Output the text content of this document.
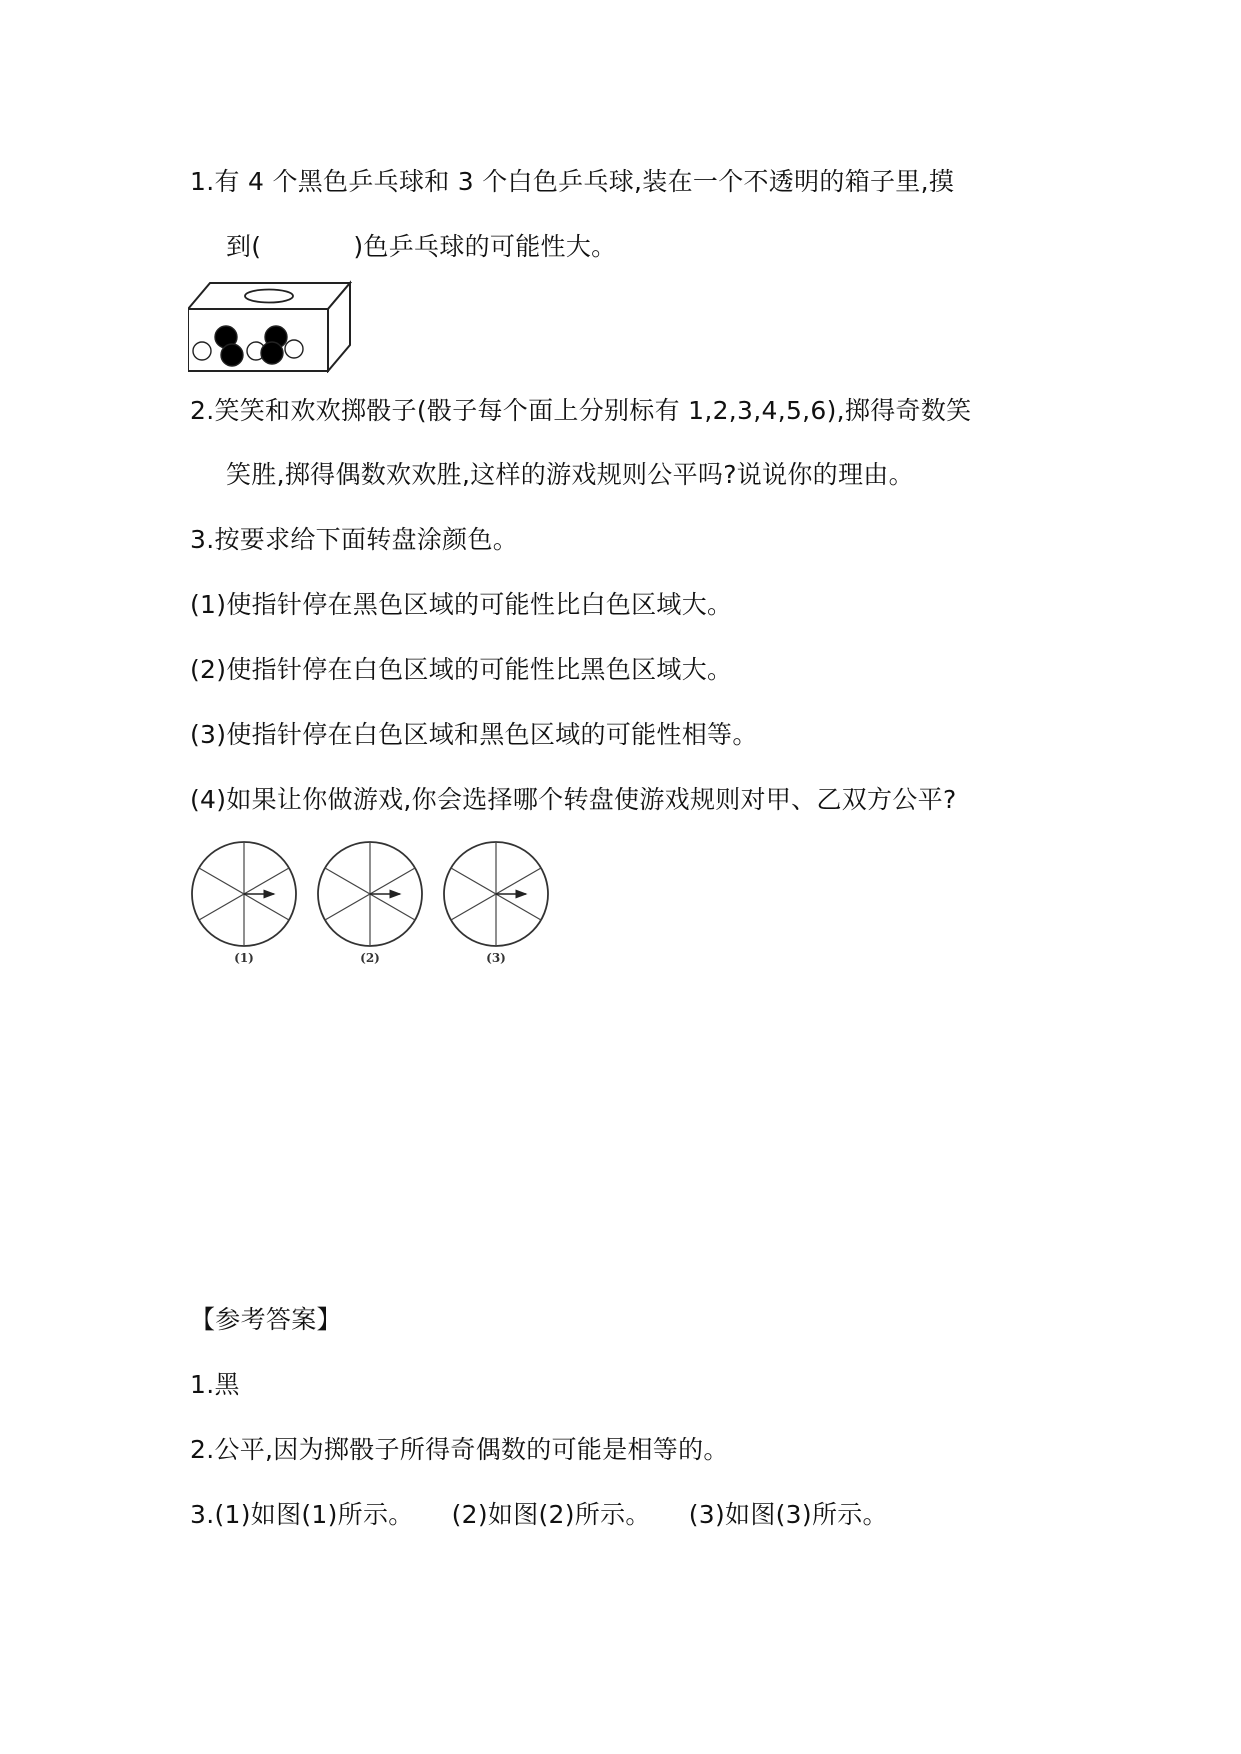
1.有 4 个黑色乒乓球和 3 个白色乒乓球,装在一个不透明的箱子里,摸
到(	)色乒乓球的可能性大。
2.笑笑和欢欢掷骰子(骰子每个面上分别标有 1,2,3,4,5,6),掷得奇数笑
笑胜,掷得偶数欢欢胜,这样的游戏规则公平吗?说说你的理由。
3.按要求给下面转盘涂颜色。
(1)使指针停在黑色区域的可能性比白色区域大。
(2)使指针停在白色区域的可能性比黑色区域大。
(3)使指针停在白色区域和黑色区域的可能性相等。
(4)如果让你做游戏,你会选择哪个转盘使游戏规则对甲、乙双方公平?
(1)	(2)	(3)
【参考答案】
1.黑
2.公平,因为掷骰子所得奇偶数的可能是相等的。
3.(1)如图(1)所示。 (2)如图(2)所示。 (3)如图(3)所示。
